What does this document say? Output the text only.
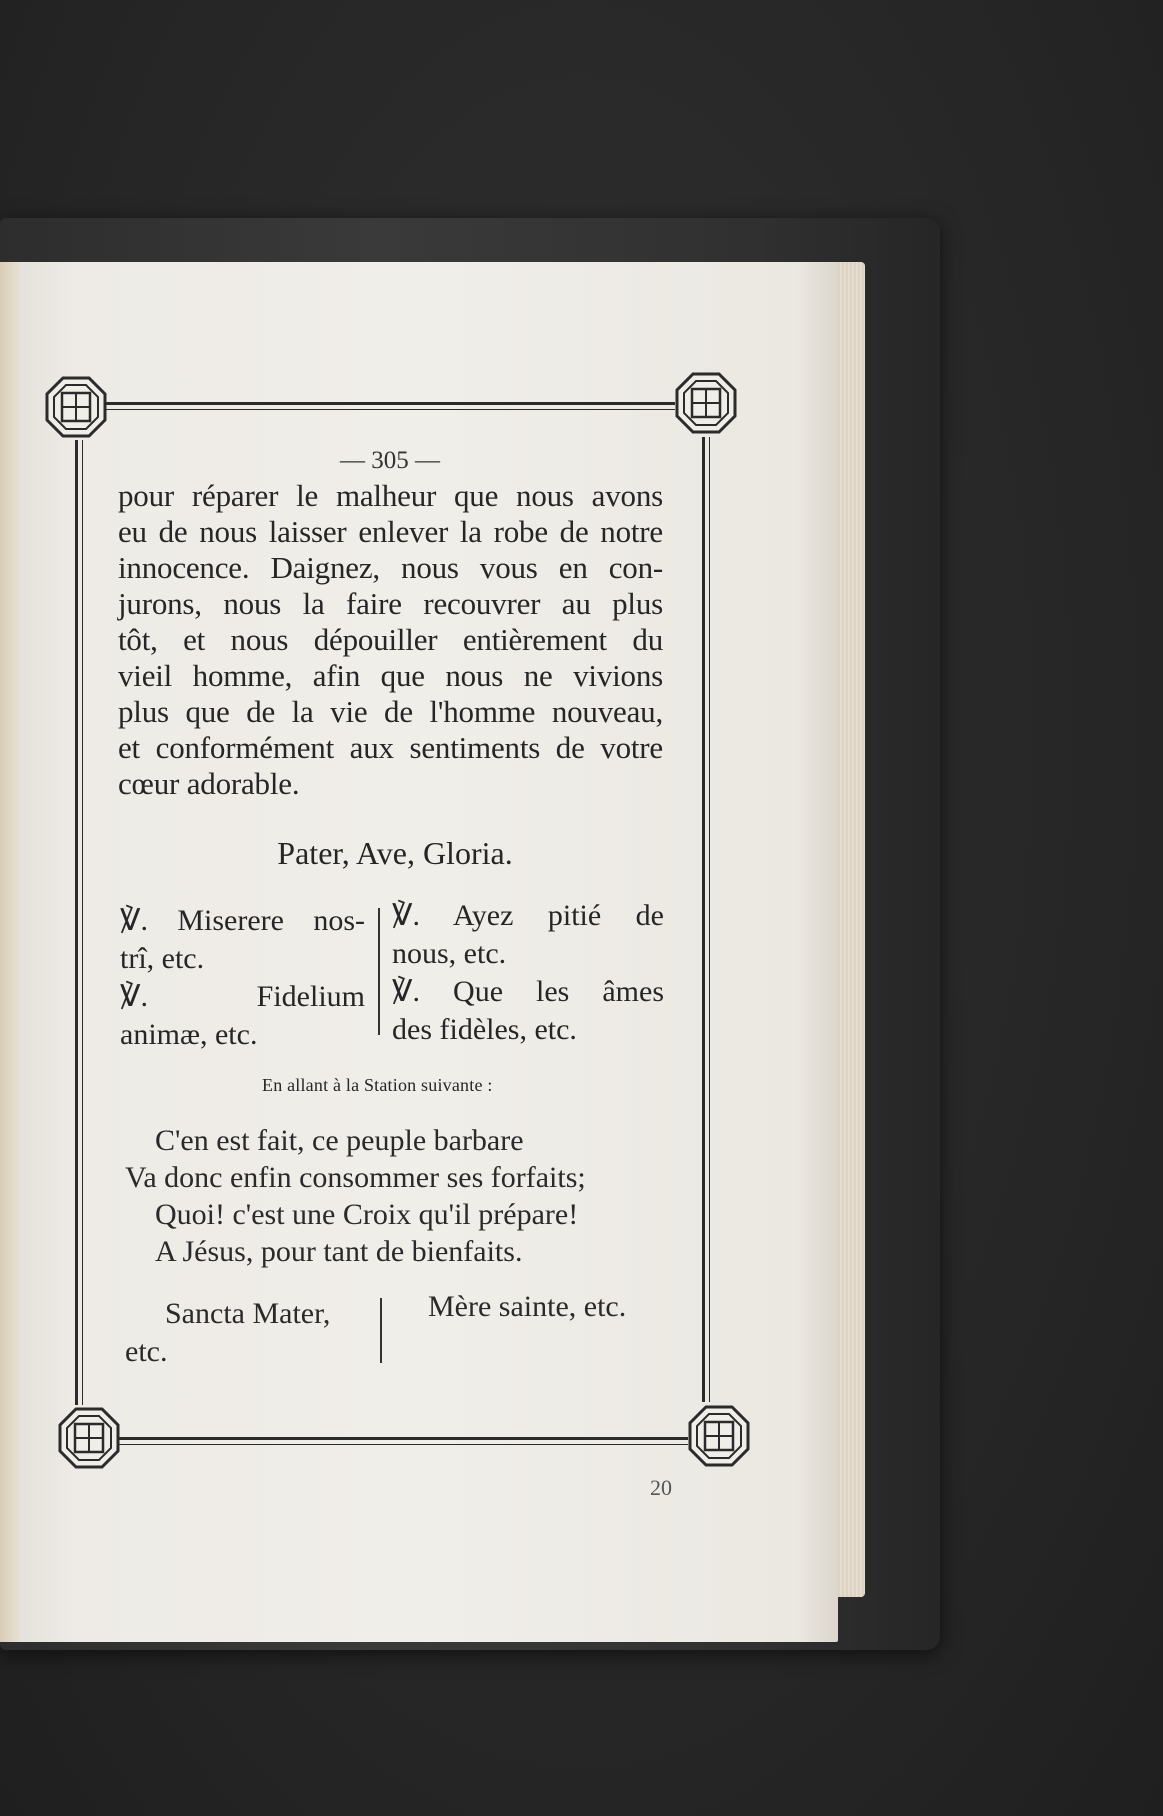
— 305 —
pour réparer le malheur que nous avons
eu de nous laisser enlever la robe de notre
innocence. Daignez, nous vous en con-
jurons, nous la faire recouvrer au plus
tôt, et nous dépouiller entièrement du
vieil homme, afin que nous ne vivions
plus que de la vie de l'homme nouveau,
et conformément aux sentiments de votre
cœur adorable.
Pater, Ave, Gloria.
℣. Miserere nos-
trî, etc.
℣. Fidelium
animæ, etc.
℣. Ayez pitié de
nous, etc.
℣. Que les âmes
des fidèles, etc.
En allant à la Station suivante :
C'en est fait, ce peuple barbare
Va donc enfin consommer ses forfaits;
Quoi! c'est une Croix qu'il prépare!
A Jésus, pour tant de bienfaits.
Sancta Mater,
etc.
Mère sainte, etc.
20
